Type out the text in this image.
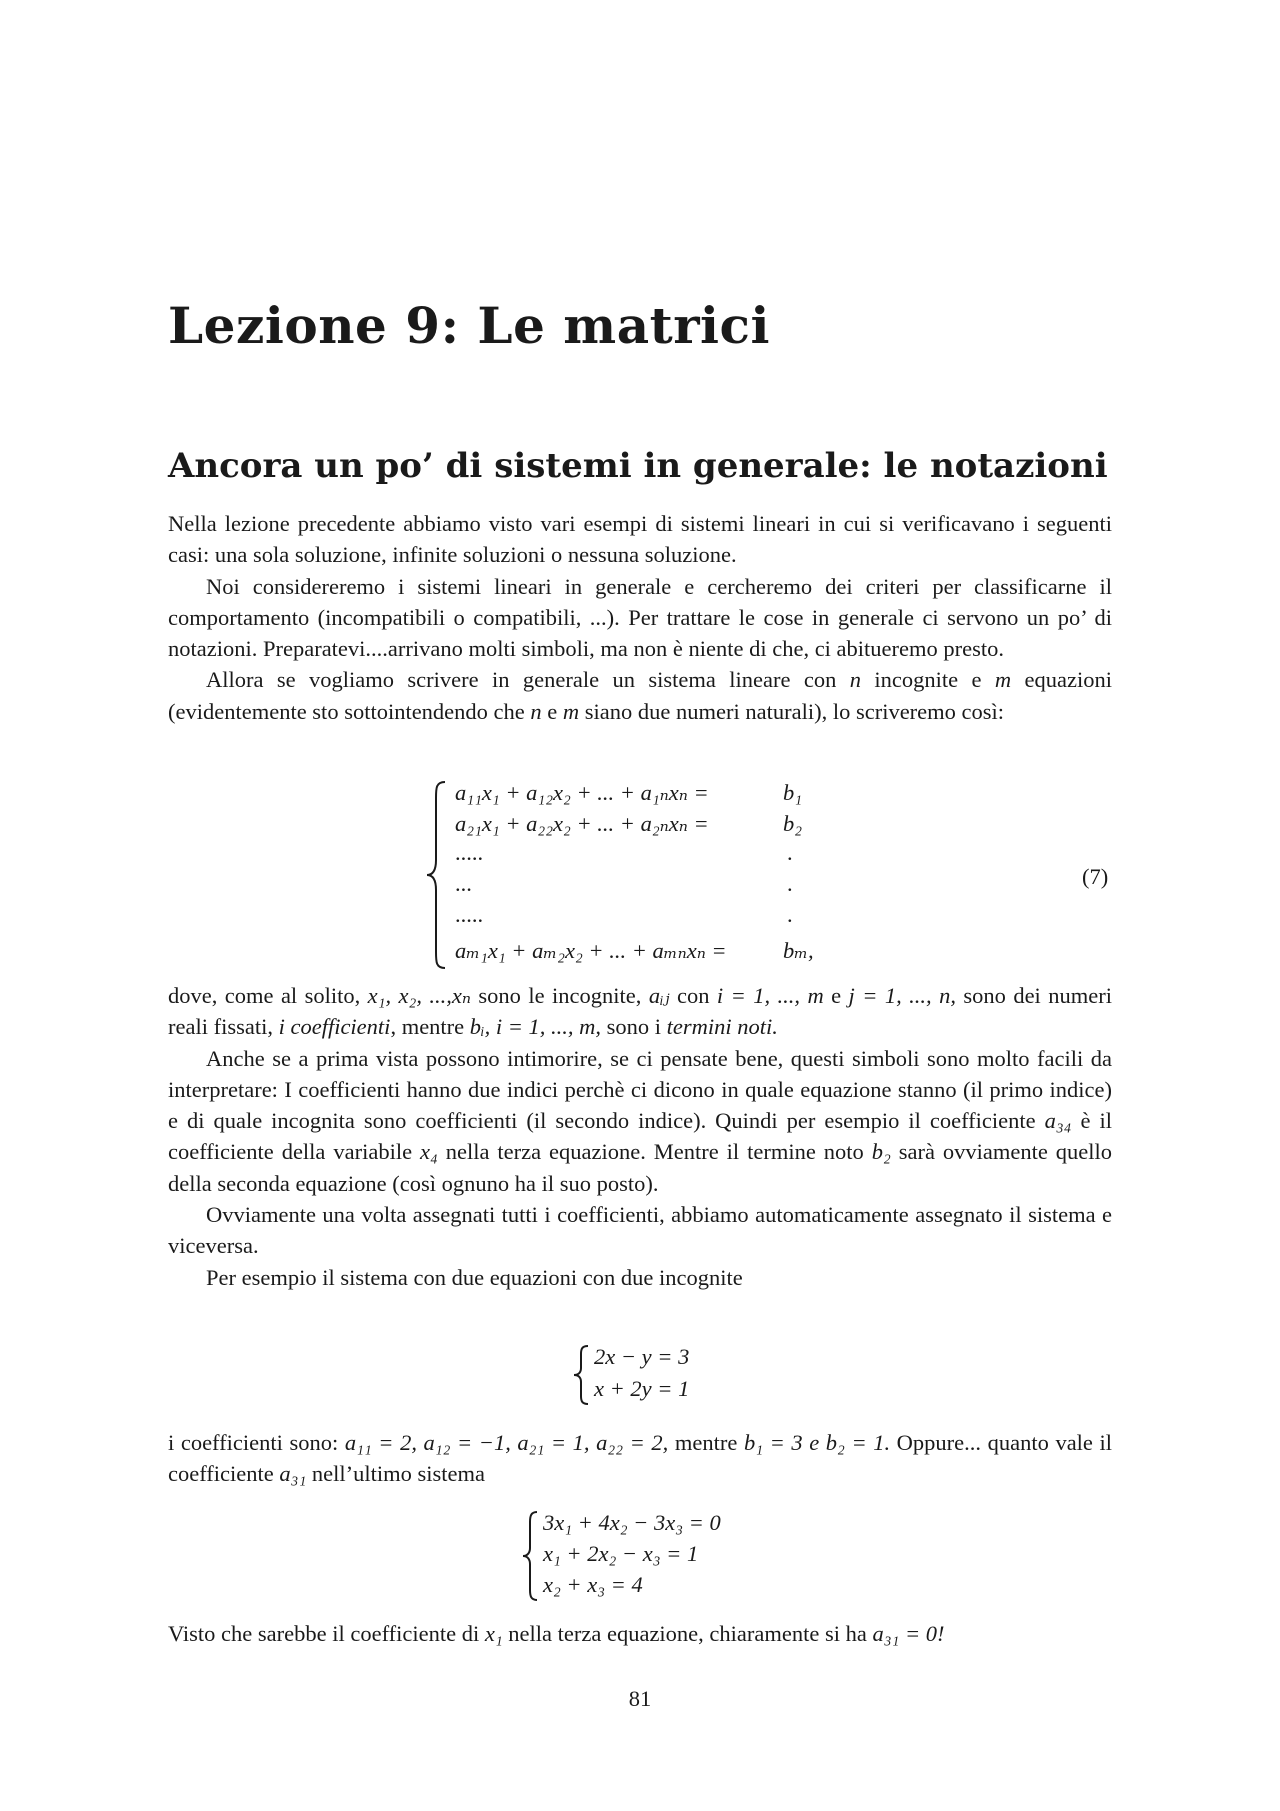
Lezione 9: Le matrici
Ancora un po’ di sistemi in generale: le notazioni

Nella lezione precedente abbiamo visto vari esempi di sistemi lineari in cui si verificavano i seguenti casi: una sola soluzione, infinite soluzioni o nessuna soluzione.

Noi considereremo i sistemi lineari in generale e cercheremo dei criteri per classificarne il comportamento (incompatibili o compatibili, ...). Per trattare le cose in generale ci servono un po’ di notazioni. Preparatevi....arrivano molti simboli, ma non è niente di che, ci abitueremo presto.

Allora se vogliamo scrivere in generale un sistema lineare con n incognite e m equazioni (evidentemente sto sottointendendo che n e m siano due numeri naturali), lo scriveremo così:

a₁₁x₁ + a₁₂x₂ + ... + a₁ₙxₙ =	b₁
a₂₁x₁ + a₂₂x₂ + ... + a₂ₙxₙ =	b₂
.....	.
...	.
.....	.
aₘ₁x₁ + aₘ₂x₂ + ... + aₘₙxₙ =	bₘ,
(7)

dove, come al solito, x₁, x₂, ...,xₙ sono le incognite, aᵢⱼ con i = 1, ..., m e j = 1, ..., n, sono dei numeri reali fissati, i coefficienti, mentre bᵢ, i = 1, ..., m, sono i termini noti.

Anche se a prima vista possono intimorire, se ci pensate bene, questi simboli sono molto facili da interpretare: I coefficienti hanno due indici perchè ci dicono in quale equazione stanno (il primo indice) e di quale incognita sono coefficienti (il secondo indice). Quindi per esempio il coefficiente a₃₄ è il coefficiente della variabile x₄ nella terza equazione. Mentre il termine noto b₂ sarà ovviamente quello della seconda equazione (così ognuno ha il suo posto).

Ovviamente una volta assegnati tutti i coefficienti, abbiamo automaticamente assegnato il sistema e viceversa.

Per esempio il sistema con due equazioni con due incognite

2x − y = 3
x + 2y = 1

i coefficienti sono: a₁₁ = 2, a₁₂ = −1, a₂₁ = 1, a₂₂ = 2, mentre b₁ = 3 e b₂ = 1. Oppure... quanto vale il coefficiente a₃₁ nell’ultimo sistema

3x₁ + 4x₂ − 3x₃ = 0
x₁ + 2x₂ − x₃ = 1
x₂ + x₃ = 4

Visto che sarebbe il coefficiente di x₁ nella terza equazione, chiaramente si ha a₃₁ = 0!

81
